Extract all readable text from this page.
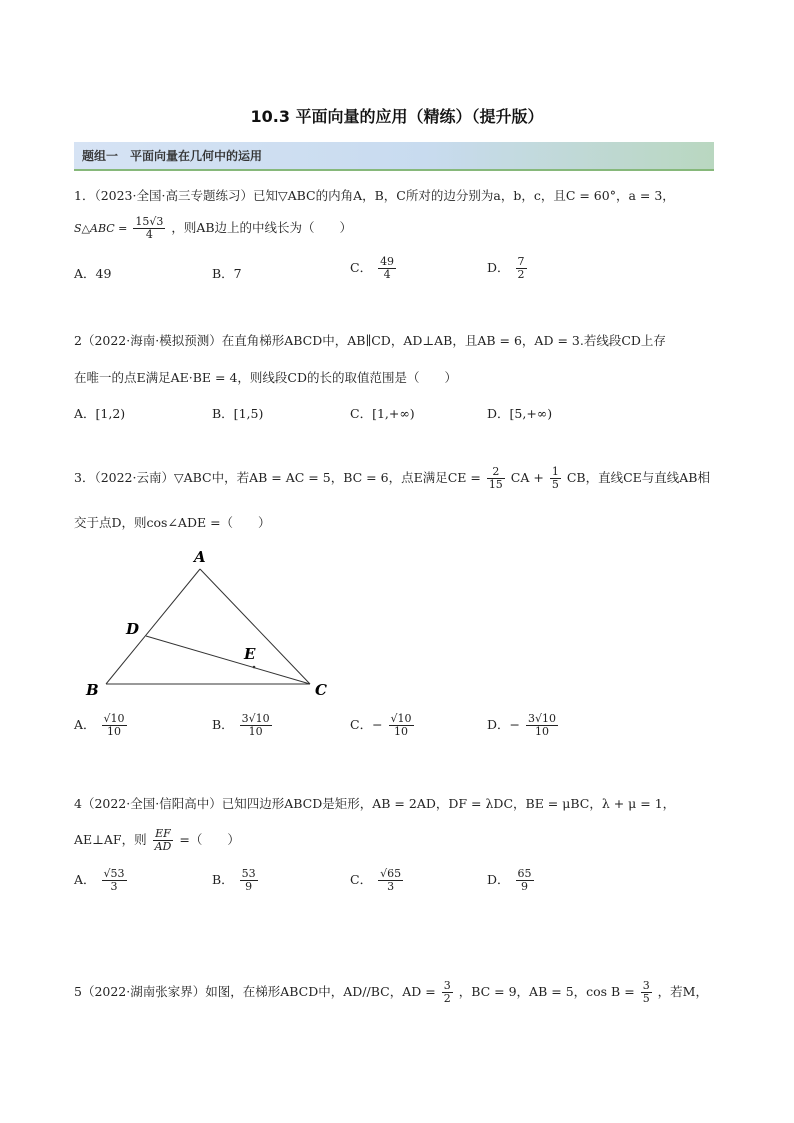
10.3 平面向量的应用（精练）（提升版）
题组一　平面向量在几何中的运用
1．（2023·全国·高三专题练习）已知▽ABC的内角A，B，C所对的边分别为a，b，c，且C = 60°，a = 3，
S△ABC = $\frac{15√3}{4}$ ，则AB边上的中线长为（　　）
A．49	B．7	C． $\frac{49}{4}$	D． $\frac{7}{2}$
2（2022·海南·模拟预测）在直角梯形ABCD中，AB∥CD，AD⊥AB，且AB = 6，AD = 3.若线段CD上存
在唯一的点E满足AE·BE = 4，则线段CD的长的取值范围是（　　）
A．[1,2)	B．[1,5)	C．[1,+∞)	D．[5,+∞)
3．（2022·云南）▽ABC中，若AB = AC = 5，BC = 6，点E满足CE = $\frac{2}{15}$ CA + $\frac{1}{5}$ CB，直线CE与直线AB相
交于点D，则cos∠ADE =（　　）
A
B	C
D
E
A． $\frac{√10}{10}$	B． $\frac{3√10}{10}$	C．− $\frac{√10}{10}$	D．− $\frac{3√10}{10}$
4（2022·全国·信阳高中）已知四边形ABCD是矩形，AB = 2AD，DF = λDC，BE = μBC，λ + μ = 1，
AE⊥AF，则 $\frac{EF}{AD}$ =（　　）
A． $\frac{√53}{3}$	B． $\frac{53}{9}$	C． $\frac{√65}{3}$	D． $\frac{65}{9}$
5（2022·湖南张家界）如图，在梯形ABCD中，AD//BC，AD = $\frac{3}{2}$ ，BC = 9，AB = 5，$\cos B = \frac{3}{5}$ ，若M，
